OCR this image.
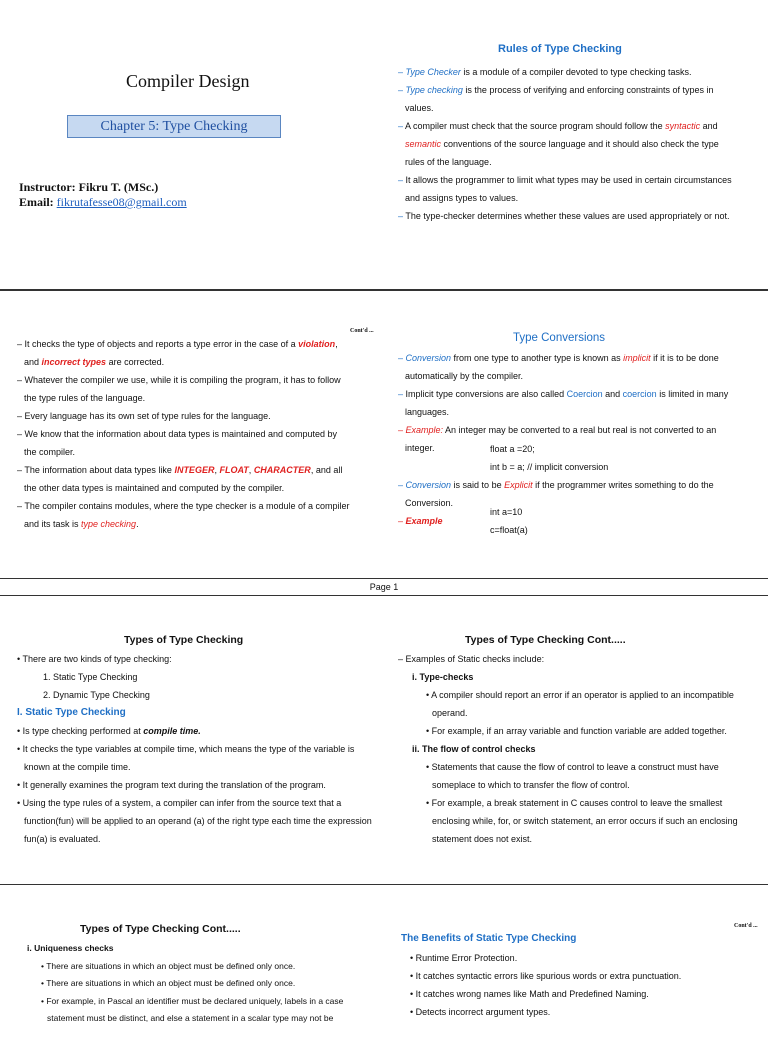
Compiler Design
Chapter 5: Type Checking
Instructor: Fikru T. (MSc.)
Email: fikrutafesse08@gmail.com
Rules of Type Checking
– Type Checker is a module of a compiler devoted to type checking tasks.
– Type checking is the process of verifying and enforcing constraints of types in
values.
– A compiler must check that the source program should follow the syntactic and
semantic conventions of the source language and it should also check the type
rules of the language.
– It allows the programmer to limit what types may be used in certain circumstances
and assigns types to values.
– The type-checker determines whether these values are used appropriately or not.
Cont'd ...
– It checks the type of objects and reports a type error in the case of a violation,
and incorrect types are corrected.
– Whatever the compiler we use, while it is compiling the program, it has to follow
the type rules of the language.
– Every language has its own set of type rules for the language.
– We know that the information about data types is maintained and computed by
the compiler.
– The information about data types like INTEGER, FLOAT, CHARACTER, and all
the other data types is maintained and computed by the compiler.
– The compiler contains modules, where the type checker is a module of a compiler
and its task is type checking.
Type Conversions
– Conversion from one type to another type is known as implicit if it is to be done
automatically by the compiler.
– Implicit type conversions are also called Coercion and coercion is limited in many
languages.
– Example: An integer may be converted to a real but real is not converted to an
integer.	float a =20;
int b = a; // implicit conversion
– Conversion is said to be Explicit if the programmer writes something to do the
Conversion.
– Example
int a=10
c=float(a)
Page 1
Types of Type Checking
• There are two kinds of type checking:
1. Static Type Checking
2. Dynamic Type Checking
I. Static Type Checking
• Is type checking performed at compile time.
• It checks the type variables at compile time, which means the type of the variable is
known at the compile time.
• It generally examines the program text during the translation of the program.
• Using the type rules of a system, a compiler can infer from the source text that a
function(fun) will be applied to an operand (a) of the right type each time the expression
fun(a) is evaluated.
Types of Type Checking Cont.....
– Examples of Static checks include:
i. Type-checks
• A compiler should report an error if an operator is applied to an incompatible
operand.
• For example, if an array variable and function variable are added together.
ii. The flow of control checks
• Statements that cause the flow of control to leave a construct must have
someplace to which to transfer the flow of control.
• For example, a break statement in C causes control to leave the smallest
enclosing while, for, or switch statement, an error occurs if such an enclosing
statement does not exist.
Types of Type Checking Cont.....
i. Uniqueness checks
• There are situations in which an object must be defined only once.
• There are situations in which an object must be defined only once.
• For example, in Pascal an identifier must be declared uniquely, labels in a case
statement must be distinct, and else a statement in a scalar type may not be
Cont'd ...
The Benefits of Static Type Checking
• Runtime Error Protection.
• It catches syntactic errors like spurious words or extra punctuation.
• It catches wrong names like Math and Predefined Naming.
• Detects incorrect argument types.
